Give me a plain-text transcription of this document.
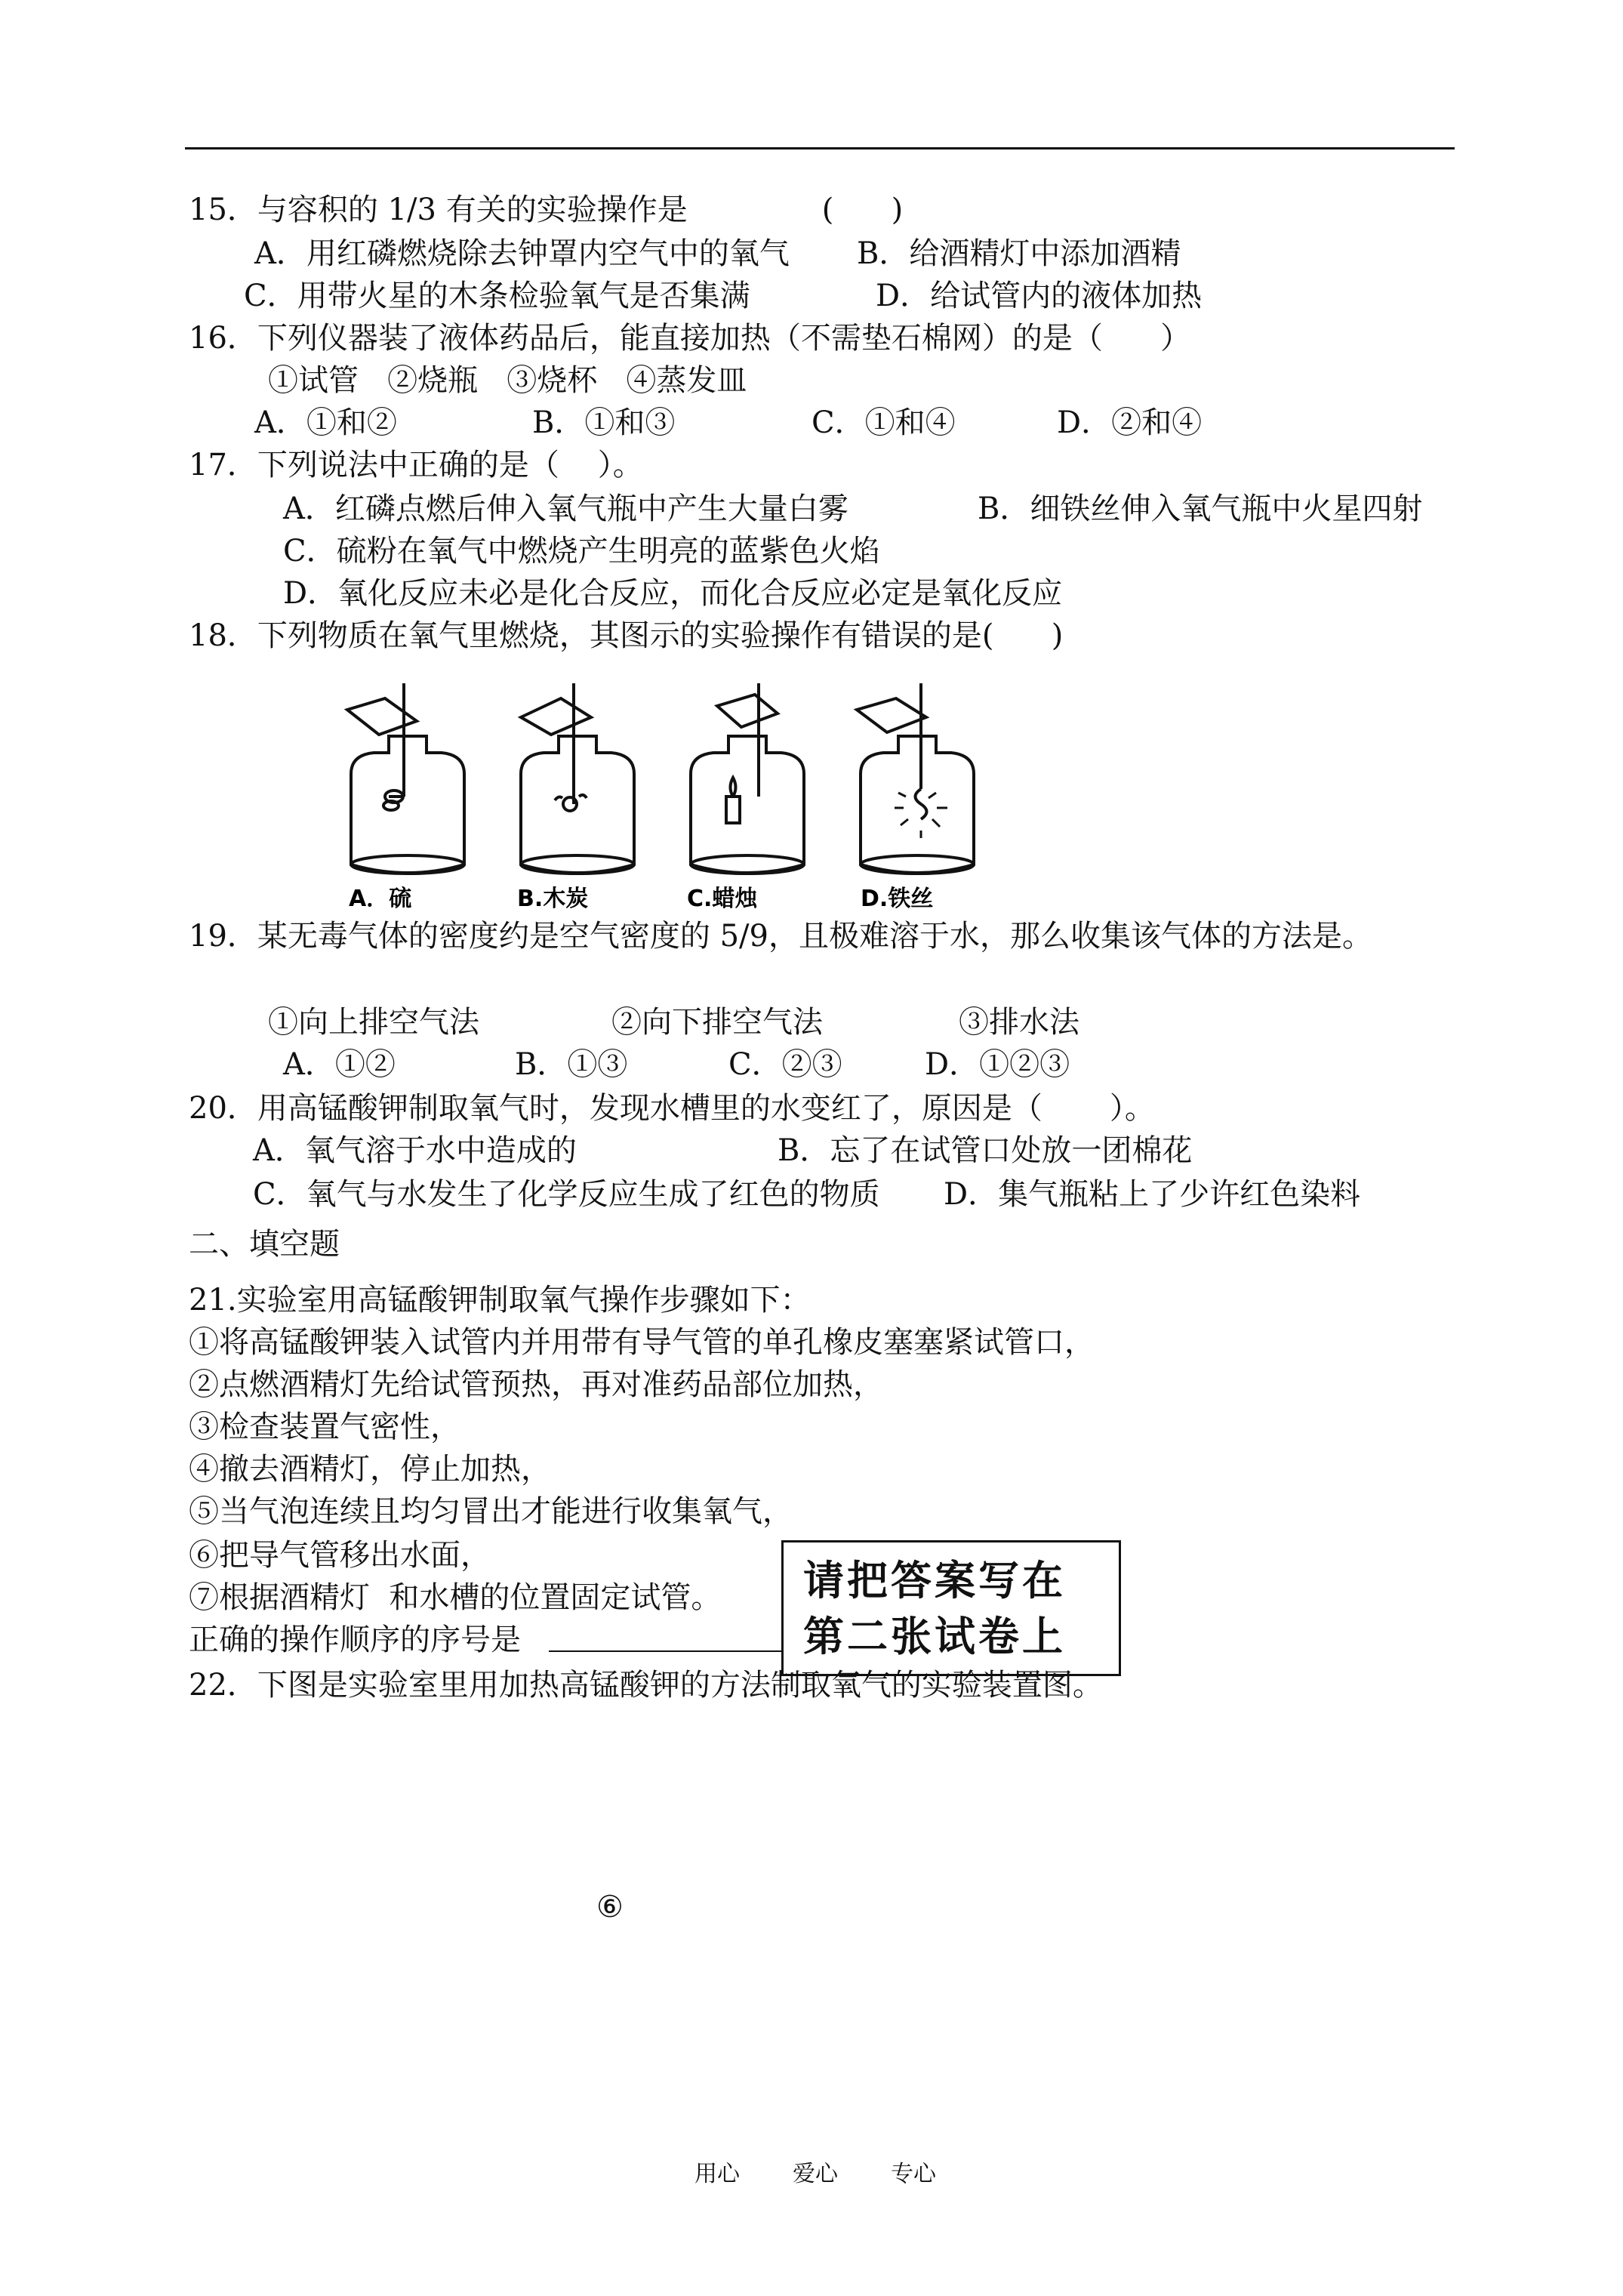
15．与容积的 1/3 有关的实验操作是              (      )
A．用红磷燃烧除去钟罩内空气中的氧气 B．给酒精灯中添加酒精
C．用带火星的木条检验氧气是否集满	D．给试管内的液体加热
16．下列仪器装了液体药品后，能直接加热（不需垫石棉网）的是（      ）
①试管   ②烧瓶   ③烧杯   ④蒸发皿
A．①和②	B．①和③	C．①和④	D．②和④
17．下列说法中正确的是（    ）。
A．红磷点燃后伸入氧气瓶中产生大量白雾	B．细铁丝伸入氧气瓶中火星四射
C．硫粉在氧气中燃烧产生明亮的蓝紫色火焰
D．氧化反应未必是化合反应，而化合反应必定是氧化反应
18．下列物质在氧气里燃烧，其图示的实验操作有错误的是(      )
A．硫	B.木炭	C.蜡烛	D.铁丝
19．某无毒气体的密度约是空气密度的 5/9，且极难溶于水，那么收集该气体的方法是。
①向上排空气法	②向下排空气法	③排水法
A．①②	B．①③	C．②③	D．①②③
20．用高锰酸钾制取氧气时，发现水槽里的水变红了，原因是（       ）。
A．氧气溶于水中造成的	B．忘了在试管口处放一团棉花
C．氧气与水发生了化学反应生成了红色的物质 D．集气瓶粘上了少许红色染料
二、填空题
21.实验室用高锰酸钾制取氧气操作步骤如下：
①将高锰酸钾装入试管内并用带有导气管的单孔橡皮塞塞紧试管口，
②点燃酒精灯先给试管预热，再对准药品部位加热，
③检查装置气密性，
④撤去酒精灯，停止加热，
⑤当气泡连续且均匀冒出才能进行收集氧气，
⑥把导气管移出水面，
⑦根据酒精灯  和水槽的位置固定试管。
正确的操作顺序的序号是
请把答案写在
第二张试卷上
22．下图是实验室里用加热高锰酸钾的方法制取氧气的实验装置图。
⑥
用心 爱心 专心
